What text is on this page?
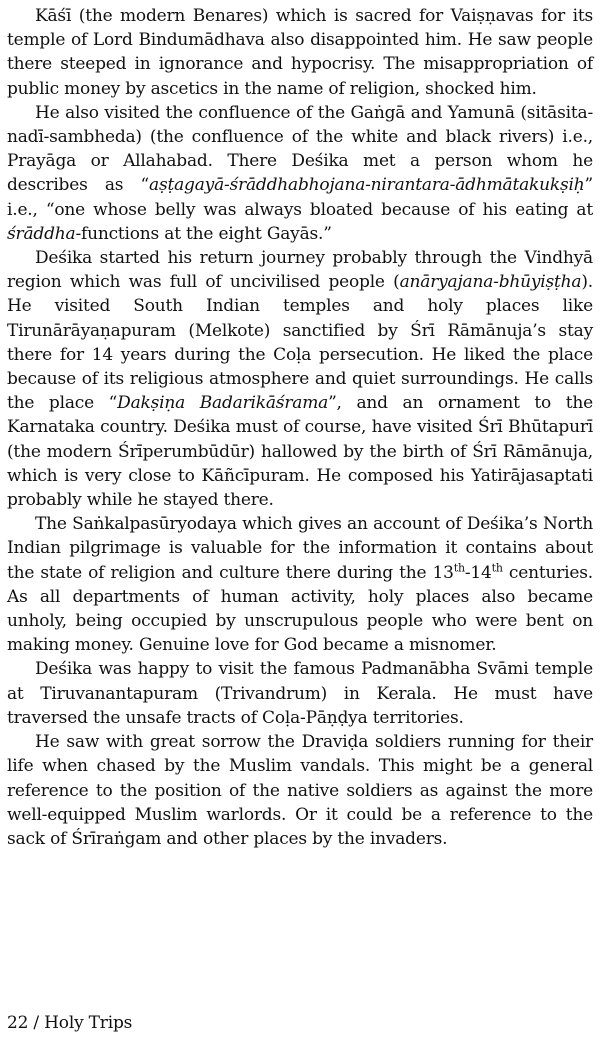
Kāśī (the modern Benares) which is sacred for Vaiṣṇavas for its temple of Lord Bindumādhava also disappointed him. He saw people there steeped in ignorance and hypocrisy. The misappropriation of public money by ascetics in the name of religion, shocked him.

He also visited the confluence of the Gaṅgā and Yamunā (sitāsita-nadī-sambheda) (the confluence of the white and black rivers) i.e., Prayāga or Allahabad. There Deśika met a person whom he describes as “aṣṭagayā-śrāddhabhojana-nirantara-ādhmātakukṣiḥ” i.e., “one whose belly was always bloated because of his eating at śrāddha-functions at the eight Gayās.”

Deśika started his return journey probably through the Vindhyā region which was full of uncivilised people (anāryajana-bhūyiṣṭha). He visited South Indian temples and holy places like Tirunārāyaṇapuram (Melkote) sanctified by Śrī Rāmānuja’s stay there for 14 years during the Coḷa persecution. He liked the place because of its religious atmosphere and quiet surroundings. He calls the place “Dakṣiṇa Badarikāśrama”, and an ornament to the Karnataka country. Deśika must of course, have visited Śrī Bhūtapurī (the modern Śrīperumbūdūr) hallowed by the birth of Śrī Rāmānuja, which is very close to Kāñcīpuram. He composed his Yatirājasaptati probably while he stayed there.

The Saṅkalpasūryodaya which gives an account of Deśika’s North Indian pilgrimage is valuable for the information it contains about the state of religion and culture there during the 13th-14th centuries. As all departments of human activity, holy places also became unholy, being occupied by unscrupulous people who were bent on making money. Genuine love for God became a misnomer.

Deśika was happy to visit the famous Padmanābha Svāmi temple at Tiruvanantapuram (Trivandrum) in Kerala. He must have traversed the unsafe tracts of Coḷa-Pāṇḍya territories.

He saw with great sorrow the Draviḍa soldiers running for their life when chased by the Muslim vandals. This might be a general reference to the position of the native soldiers as against the more well-equipped Muslim warlords. Or it could be a reference to the sack of Śrīraṅgam and other places by the invaders.

22 / Holy Trips
